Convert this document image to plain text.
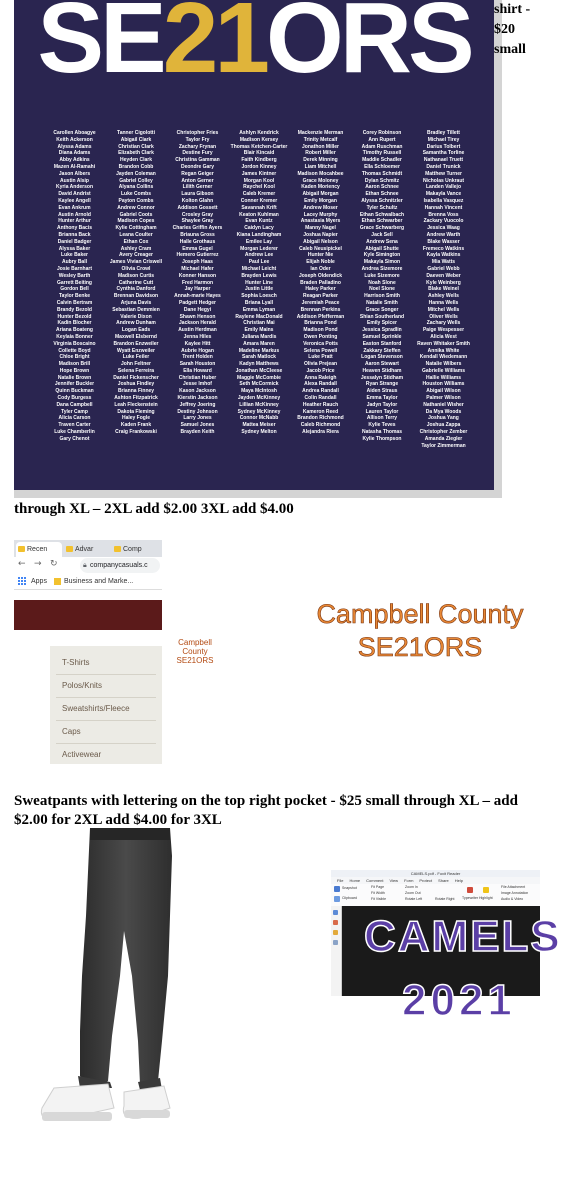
SE21ORS
Carollen Aboagye
Keith Ackerson
Alyssa Adams
Diana Adams
Abby Adkins
Mazen Al-Ramahi
Jason Albers
Austin Alsip
Kyria Anderson
David Andrist
Kaylee Angell
Evan Ankrum
Austin Arnold
Hunter Arthur
Anthony Bacis
Brianna Back
Daniel Badger
Alyssa Baker
Luke Baker
Aubry Ball
Josie Barnhart
Wesley Barth
Garrett Beiting
Gordon Bell
Taylor Benke
Calvin Bertram
Brandy Bezold
Hunter Bezold
Kadin Blocher
Ariana Boateng
Keylaia Bonner
Virginia Boscaino
Collette Boyd
Chloe Bright
Madison Brill
Hope Brown
Natalie Brown
Jennifer Buckler
Quinn Buckman
Cody Burgess
Dana Campbell
Tyler Camp
Alicia Carson
Traven Carter
Luke Chamberlin
Gary Chenot
Tanner Cigolotti
Abigail Clark
Christian Clark
Elizabeth Clark
Heyden Clark
Brandon Cobb
Jayden Coleman
Gabriel Colley
Alyana Collins
Luke Combs
Payton Combs
Andrew Connor
Gabriel Coots
Madison Copes
Kylie Cottingham
Leana Coulter
Ethan Cox
Ashley Cram
Avery Creager
James Vivian Criswell
Olivia Crowl
Madison Curtis
Catherine Cutt
Cynthia Danford
Brennan Davidson
Arjuna Davis
Sebastian Demmien
Valerie Dixon
Andrew Dunham
Logan Eads
Maxwell Elsbernd
Brandon Enzweiler
Wyatt Enzweiler
Luke Feiler
John Feltner
Selena Ferreira
Daniel Fickenscher
Joshua Findley
Brianna Finney
Ashton Fitzpatrick
Leah Fleckenstein
Dakota Fleming
Haley Fogle
Kaden Frank
Craig Frankowski
Christopher Fries
Taylor Fry
Zachary Frynan
Destine Fury
Christina Gamman
Deondre Gary
Regan Geiger
Anton Gerner
Lilith Gerner
Laura Gibson
Kolton Glahn
Addison Gossett
Crosley Gray
Shaylee Gray
Charles Griffin Ayers
Briauna Gross
Halle Grothaus
Emma Gugel
Hemero Gutierrez
Joseph Haas
Michael Hafer
Konner Hanson
Fred Harmon
Jay Harper
Annah-marie Hayes
Padgett Hedger
Dane Hegyi
Shawn Henson
Jackson Herald
Austin Herdman
Jenna Hiles
Kaylee Hitt
Aubrie Hogan
Trent Holden
Sarah Houston
Ella Howard
Christian Huber
Jesse Imhof
Kason Jackson
Kierstin Jackson
Jeffrey Joering
Destiny Johnson
Larry Jones
Samuel Jones
Brayden Keith
Ashlyn Kendrick
Madison Kersey
Thomas Ketchen-Carter
Blair Kincaid
Faith Kindberg
Jordon Kinney
James Kintner
Morgan Kool
Raychel Kool
Caleb Kremer
Conner Kremer
Savannah Krift
Keaton Kuhlman
Evan Kuntz
Caidyn Lacy
Kiana Landingham
Emilee Lay
Morgan Lederer
Andrew Lee
Paul Lee
Michael Leicht
Brayden Lewis
Hunter Line
Justin Little
Sophia Loesch
Briana Lyall
Emma Lyman
Raylene MacDonald
Christian Mai
Emily Mains
Juliana Mardis
Amara Maren
Madeline Markus
Sarah Matlock
Kadyn Matthews
Jonathan McCleese
Maggie McCombie
Seth McCormick
Maya McIntosh
Jayden McKinney
Lillian McKinney
Sydney McKinney
Connor McNabb
Mattea Meiser
Sydney Melton
Mackenzie Merman
Trinity Metcalf
Jonathon Miller
Robert Miller
Derek Minning
Liam Mitchell
Madison Mocahbee
Grace Moloney
Kaden Moriency
Abigail Morgan
Emily Morgan
Andrew Moser
Lacey Murphy
Anastasia Myers
Manny Nagel
Joshua Napier
Abigail Nelson
Caleb Neusipickel
Hunter Nie
Elijah Noble
Ian Oder
Joseph Oldendick
Braden Palladino
Haley Parker
Reagan Parker
Jeremiah Peace
Brennan Perkins
Addison Pfefferman
Brianna Pond
Madison Pond
Owen Ponting
Veronica Potts
Selena Powell
Luke Pratt
Olivia Prejean
Jacob Price
Anna Raleigh
Alexa Randall
Andrea Randall
Colin Randall
Heather Rauch
Kameron Reed
Brandon Richmond
Caleb Richmond
Alejandra Riera
Corey Robinson
Ann Rupert
Adam Ruschman
Timothy Russell
Maddie Schadler
Ella Schloemer
Thomas Schmidt
Dylan Schmitz
Aaron Schnee
Ethan Schnee
Alyssa Schnitzler
Tyler Schultz
Ethan Schwalbach
Ethan Schwarber
Grace Schwarberg
Jack Sell
Andrew Sena
Abigail Shutte
Kyle Simington
Makayla Simon
Andrea Sizemore
Luke Sizemore
Noah Slone
Noel Slone
Harrison Smith
Natalie Smith
Grace Songer
Shian Southerland
Emily Spicer
Jessica Spradlin
Samuel Sprinkle
Easton Stanford
Zakkary Steffen
Logan Stevenson
Aaron Stewart
Heaven Stidham
Jessalyn Stidham
Ryan Strange
Aiden Straus
Emma Taylor
Jadyn Taylor
Lauren Taylor
Allison Terry
Kylie Teves
Natasha Thomas
Kylie Thompson
Bradley Tillett
Michael Tirey
Darius Tolbert
Samantha Torline
Nathanael Truett
Daniel Trunick
Matthew Turner
Nicholas Unkraut
Landen Vallejo
Makayla Vance
Isabella Vasquez
Hannah Vincent
Brenna Voss
Zackary Vuocolo
Jessica Waag
Andrew Warth
Blake Wasser
Fremeco Watkins
Kayla Watkins
Mia Watts
Gabriel Webb
Daeven Weber
Kyle Weinberg
Blake Weinel
Ashley Wells
Hanna Wells
Mitchel Wells
Oliver Wells
Zachary Wells
Paige Wespesser
Alicia West
Raven Whitaker Smith
Annika White
Kendall Wiedemann
Natalie Wilbers
Gabrielle Williams
Hallie Williams
Houston Williams
Abigail Wilson
Palmer Wilson
Nathaniel Wisher
Da Mya Woods
Joshua Yang
Joshua Zappa
Christopher Zember
Amanda Ziegler
Taylor Zimmerman
shirt -
$20
small
through XL – 2XL add $2.00 3XL add $4.00
Recen	Advar	Comp
← → ↻	🔒︎ companycasuals.c
Apps Business and Marke...
T-Shirts
Polos/Knits
Sweatshirts/Fleece
Caps
Activewear
Campbell County
SE21ORS
Campbell County
SE21ORS
Sweatpants with lettering on the top right pocket - $25 small through XL – add $2.00 for 2XL add $4.00 for 3XL
CAMELS.pdf - Foxit Reader
File Home Comment View Form Protect Share Help
Snapshot
Clipboard
Fit Page
Fit Width
Fit Visible
Zoom In
Zoom Out
Rotate Left	Rotate Right Typewriter Highlight
File Attachment
Image Annotation
Audio & Video
CAMELS
2021
